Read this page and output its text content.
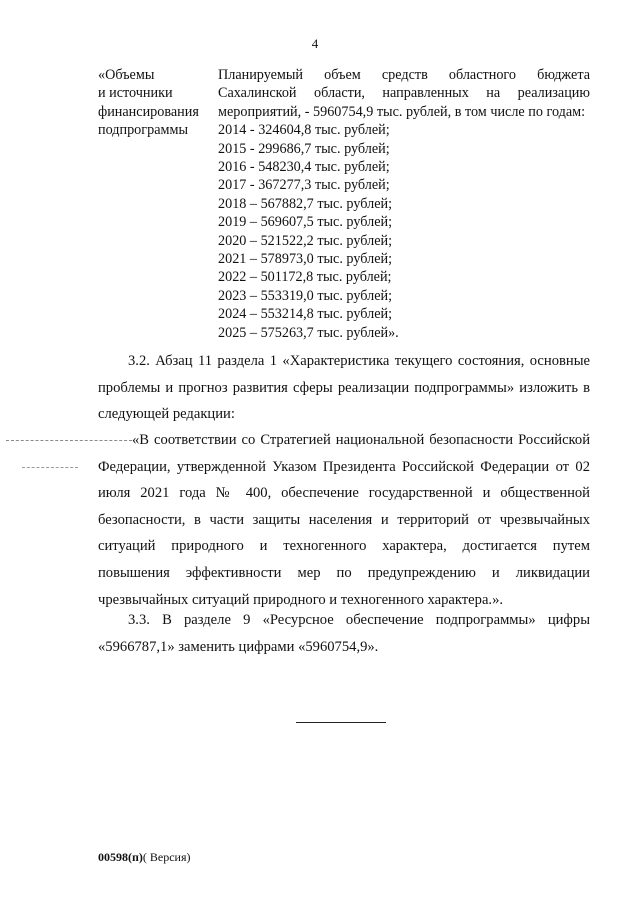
4
«Объемы
и источники
финансирования
подпрограммы
Планируемый объем средств областного бюджета Сахалинской области, направленных на реализацию мероприятий, - 5960754,9 тыс. рублей, в том числе по годам:
2014 - 324604,8 тыс. рублей;
2015 - 299686,7 тыс. рублей;
2016 - 548230,4 тыс. рублей;
2017 - 367277,3 тыс. рублей;
2018 – 567882,7 тыс. рублей;
2019 – 569607,5 тыс. рублей;
2020 – 521522,2 тыс. рублей;
2021 – 578973,0 тыс. рублей;
2022 – 501172,8 тыс. рублей;
2023 – 553319,0 тыс. рублей;
2024 – 553214,8 тыс. рублей;
2025 – 575263,7 тыс. рублей».

3.2. Абзац 11 раздела 1 «Характеристика текущего состояния, основные проблемы и прогноз развития сферы реализации подпрограммы» изложить в следующей редакции:

«В соответствии со Стратегией национальной безопасности Российской Федерации, утвержденной Указом Президента Российской Федерации от 02 июля 2021 года № 400, обеспечение государственной и общественной безопасности, в части защиты населения и территорий от чрезвычайных ситуаций природного и техногенного характера, достигается путем повышения эффективности мер по предупреждению и ликвидации чрезвычайных ситуаций природного и техногенного характера.».

3.3. В разделе 9 «Ресурсное обеспечение подпрограммы» цифры «5966787,1» заменить цифрами «5960754,9».

00598(п)( Версия)
